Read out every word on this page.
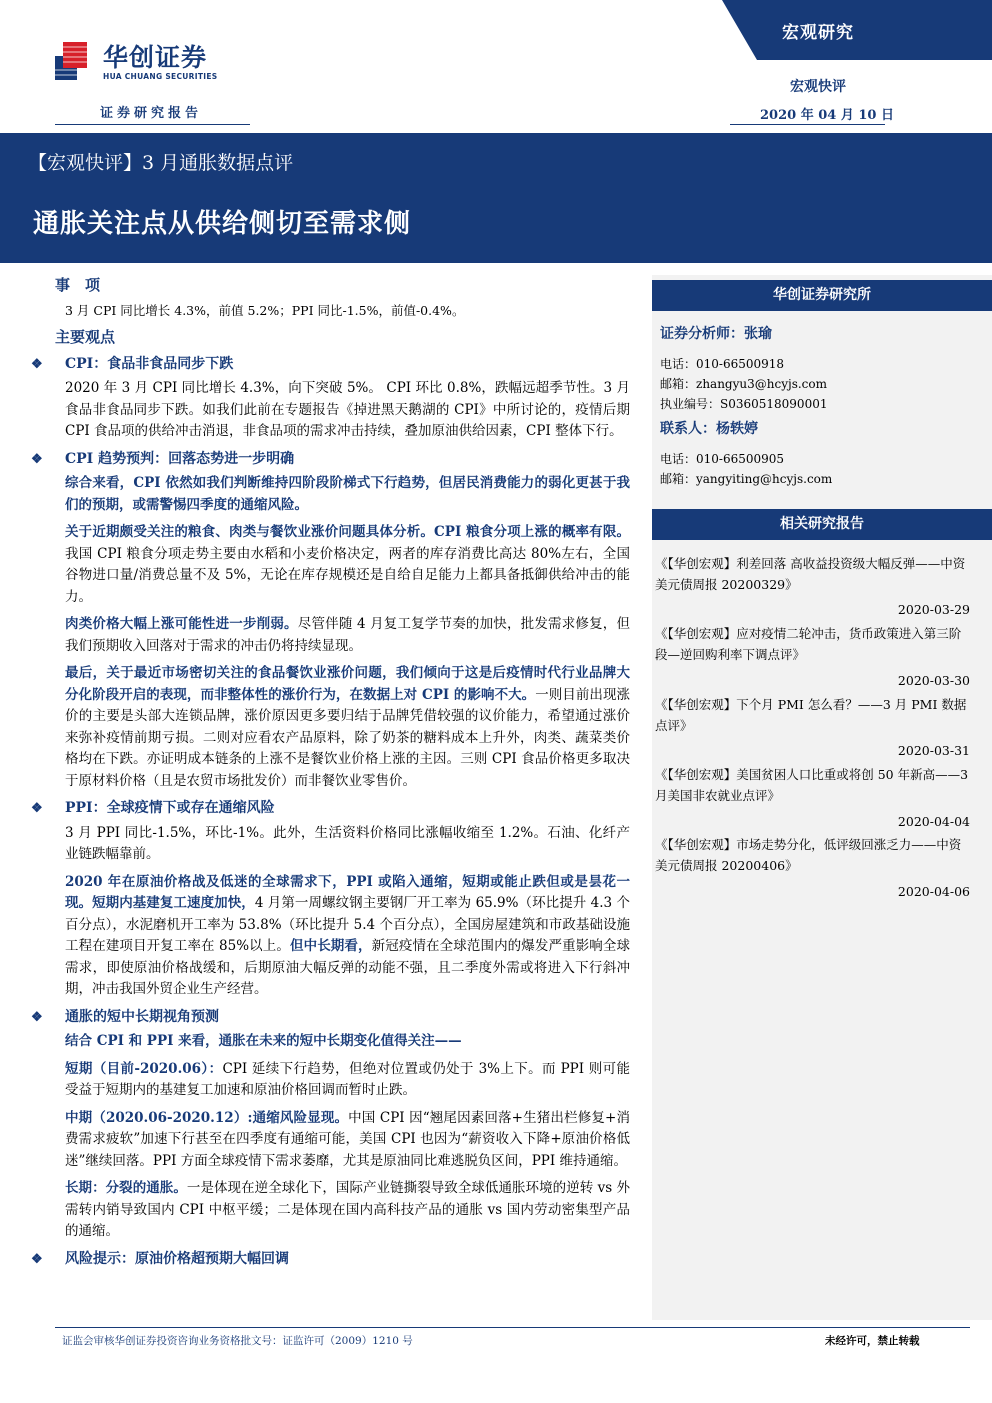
华创证券
HUA CHUANG SECURITIES
证券研究报告
宏观研究
宏观快评
2020 年 04 月 10 日
【宏观快评】3 月通胀数据点评
通胀关注点从供给侧切至需求侧

事　项

3 月 CPI 同比增长 4.3%，前值 5.2%；PPI 同比-1.5%，前值-0.4%。

主要观点

❖ CPI：食品非食品同步下跌

2020 年 3 月 CPI 同比增长 4.3%，向下突破 5%。 CPI 环比 0.8%，跌幅远超季节性。3 月食品非食品同步下跌。如我们此前在专题报告《掉进黑天鹅湖的 CPI》中所讨论的，疫情后期 CPI 食品项的供给冲击消退，非食品项的需求冲击持续，叠加原油供给因素，CPI 整体下行。

❖ CPI 趋势预判：回落态势进一步明确

综合来看，CPI 依然如我们判断维持四阶段阶梯式下行趋势，但居民消费能力的弱化更甚于我们的预期，或需警惕四季度的通缩风险。

关于近期颇受关注的粮食、肉类与餐饮业涨价问题具体分析。CPI 粮食分项上涨的概率有限。我国 CPI 粮食分项走势主要由水稻和小麦价格决定，两者的库存消费比高达 80%左右，全国谷物进口量/消费总量不及 5%，无论在库存规模还是自给自足能力上都具备抵御供给冲击的能力。

肉类价格大幅上涨可能性进一步削弱。尽管伴随 4 月复工复学节奏的加快，批发需求修复，但我们预期收入回落对于需求的冲击仍将持续显现。

最后，关于最近市场密切关注的食品餐饮业涨价问题，我们倾向于这是后疫情时代行业品牌大分化阶段开启的表现，而非整体性的涨价行为，在数据上对 CPI 的影响不大。一则目前出现涨价的主要是头部大连锁品牌，涨价原因更多要归结于品牌凭借较强的议价能力，希望通过涨价来弥补疫情前期亏损。二则对应看农产品原料，除了奶茶的糖料成本上升外，肉类、蔬菜类价格均在下跌。亦证明成本链条的上涨不是餐饮业价格上涨的主因。三则 CPI 食品价格更多取决于原材料价格（且是农贸市场批发价）而非餐饮业零售价。

❖ PPI：全球疫情下或存在通缩风险

3 月 PPI 同比-1.5%，环比-1%。此外，生活资料价格同比涨幅收缩至 1.2%。石油、化纤产业链跌幅靠前。

2020 年在原油价格战及低迷的全球需求下，PPI 或陷入通缩，短期或能止跌但或是昙花一现。短期内基建复工速度加快，4 月第一周螺纹钢主要钢厂开工率为 65.9%（环比提升 4.3 个百分点），水泥磨机开工率为 53.8%（环比提升 5.4 个百分点），全国房屋建筑和市政基础设施工程在建项目开复工率在 85%以上。但中长期看，新冠疫情在全球范围内的爆发严重影响全球需求，即使原油价格战缓和，后期原油大幅反弹的动能不强，且二季度外需或将进入下行斜冲期，冲击我国外贸企业生产经营。

❖ 通胀的短中长期视角预测

结合 CPI 和 PPI 来看，通胀在未来的短中长期变化值得关注——

短期（目前-2020.06）：CPI 延续下行趋势，但绝对位置或仍处于 3%上下。而 PPI 则可能受益于短期内的基建复工加速和原油价格回调而暂时止跌。

中期（2020.06-2020.12）:通缩风险显现。中国 CPI 因“翘尾因素回落+生猪出栏修复+消费需求疲软”加速下行甚至在四季度有通缩可能，美国 CPI 也因为“薪资收入下降+原油价格低迷”继续回落。PPI 方面全球疫情下需求萎靡，尤其是原油同比难逃脱负区间，PPI 维持通缩。

长期：分裂的通胀。一是体现在逆全球化下，国际产业链撕裂导致全球低通胀环境的逆转 vs 外需转内销导致国内 CPI 中枢平缓；二是体现在国内高科技产品的通胀 vs 国内劳动密集型产品的通缩。

❖ 风险提示：原油价格超预期大幅回调
华创证券研究所
证券分析师：张瑜
电话：010-66500918
邮箱：zhangyu3@hcyjs.com
执业编号：S0360518090001
联系人：杨轶婷
电话：010-66500905
邮箱：yangyiting@hcyjs.com
相关研究报告
《【华创宏观】利差回落 高收益投资级大幅反弹——中资美元债周报 20200329》
2020-03-29
《【华创宏观】应对疫情二轮冲击，货币政策进入第三阶段—逆回购利率下调点评》
2020-03-30
《【华创宏观】下个月 PMI 怎么看？——3 月 PMI 数据点评》
2020-03-31
《【华创宏观】美国贫困人口比重或将创 50 年新高——3 月美国非农就业点评》
2020-04-04
《【华创宏观】市场走势分化，低评级回涨乏力——中资美元债周报 20200406》
2020-04-06
证监会审核华创证券投资咨询业务资格批文号：证监许可（2009）1210 号	未经许可，禁止转载
